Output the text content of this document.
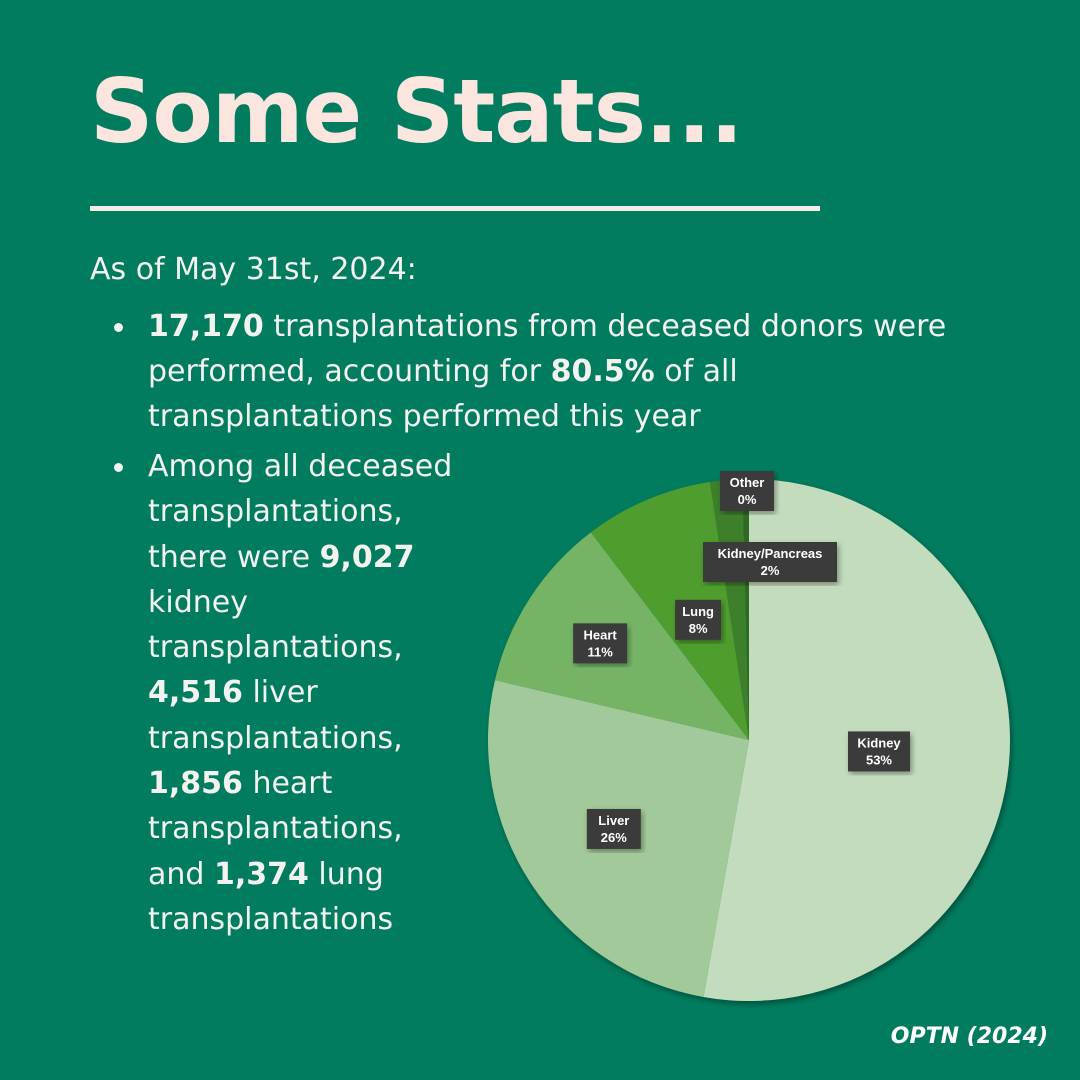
Some Stats...
As of May 31st, 2024:
17,170 transplantations from deceased donors were performed, accounting for 80.5% of all transplantations performed this year
Among all deceased transplantations, there were 9,027 kidney transplantations, 4,516 liver transplantations, 1,856 heart transplantations, and 1,374 lung transplantations
Kidney
53%
Liver
26%
Heart
11%
Lung
8%
Kidney/Pancreas
2%
Other
0%
OPTN (2024)
